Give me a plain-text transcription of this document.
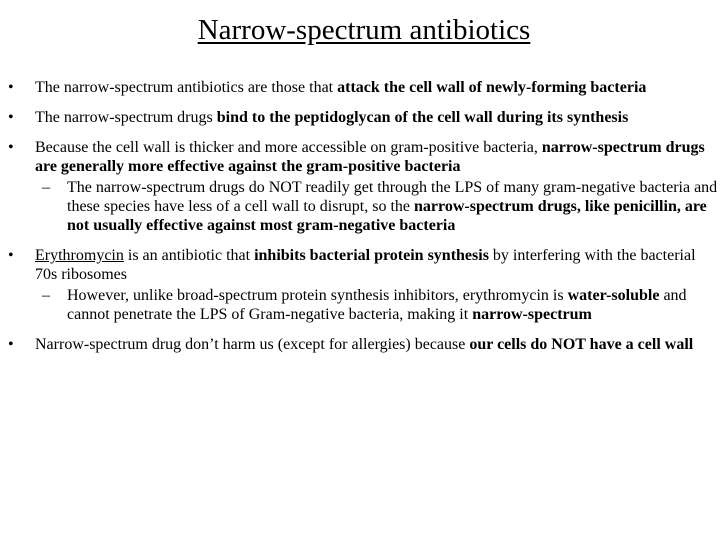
Narrow-spectrum antibiotics
•	The narrow-spectrum antibiotics are those that attack the cell wall of newly-forming bacteria
•	The narrow-spectrum drugs bind to the peptidoglycan of the cell wall during its synthesis
•	Because the cell wall is thicker and more accessible on gram-positive bacteria, narrow-spectrum drugs are generally more effective against the gram-positive bacteria
– The narrow-spectrum drugs do NOT readily get through the LPS of many gram-negative bacteria and these species have less of a cell wall to disrupt, so the narrow-spectrum drugs, like penicillin, are not usually effective against most gram-negative bacteria
•	Erythromycin is an antibiotic that inhibits bacterial protein synthesis by interfering with the bacterial 70s ribosomes
– However, unlike broad-spectrum protein synthesis inhibitors, erythromycin is water-soluble and cannot penetrate the LPS of Gram-negative bacteria, making it narrow-spectrum
•	Narrow-spectrum drug don’t harm us (except for allergies) because our cells do NOT have a cell wall
